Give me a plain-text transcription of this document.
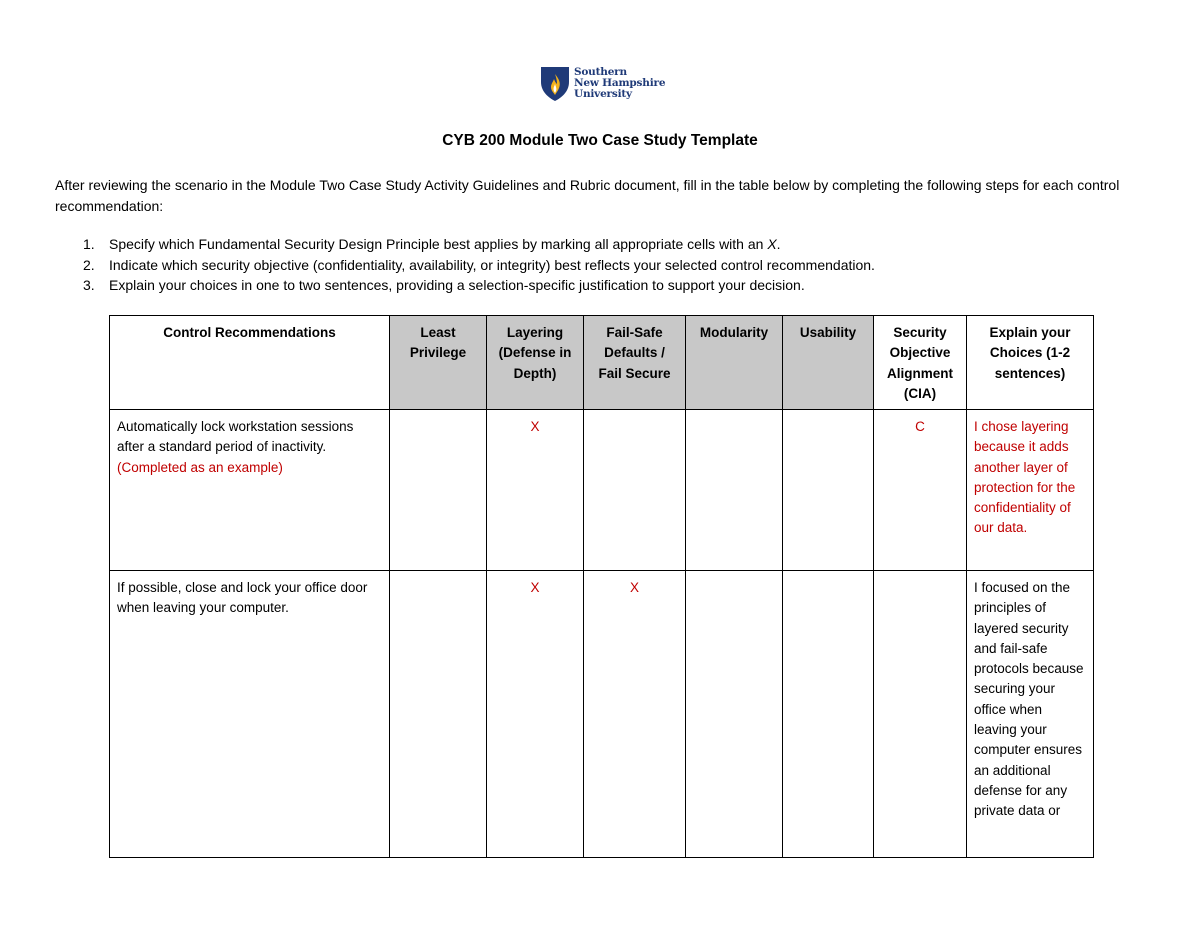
Southern
New Hampshire
University
CYB 200 Module Two Case Study Template
After reviewing the scenario in the Module Two Case Study Activity Guidelines and Rubric document, fill in the table below by completing the following steps for each control recommendation:
1. Specify which Fundamental Security Design Principle best applies by marking all appropriate cells with an X.
2. Indicate which security objective (confidentiality, availability, or integrity) best reflects your selected control recommendation.
3. Explain your choices in one to two sentences, providing a selection-specific justification to support your decision.
Control Recommendations	Least Privilege	Layering (Defense in Depth)	Fail-Safe Defaults / Fail Secure	Modularity	Usability	Security Objective Alignment (CIA)	Explain your Choices (1-2 sentences)
Automatically lock workstation sessions after a standard period of inactivity. (Completed as an example)		X				C	I chose layering because it adds another layer of protection for the confidentiality of our data.
If possible, close and lock your office door when leaving your computer.		X	X				I focused on the principles of layered security and fail-safe protocols because securing your office when leaving your computer ensures an additional defense for any private data or
